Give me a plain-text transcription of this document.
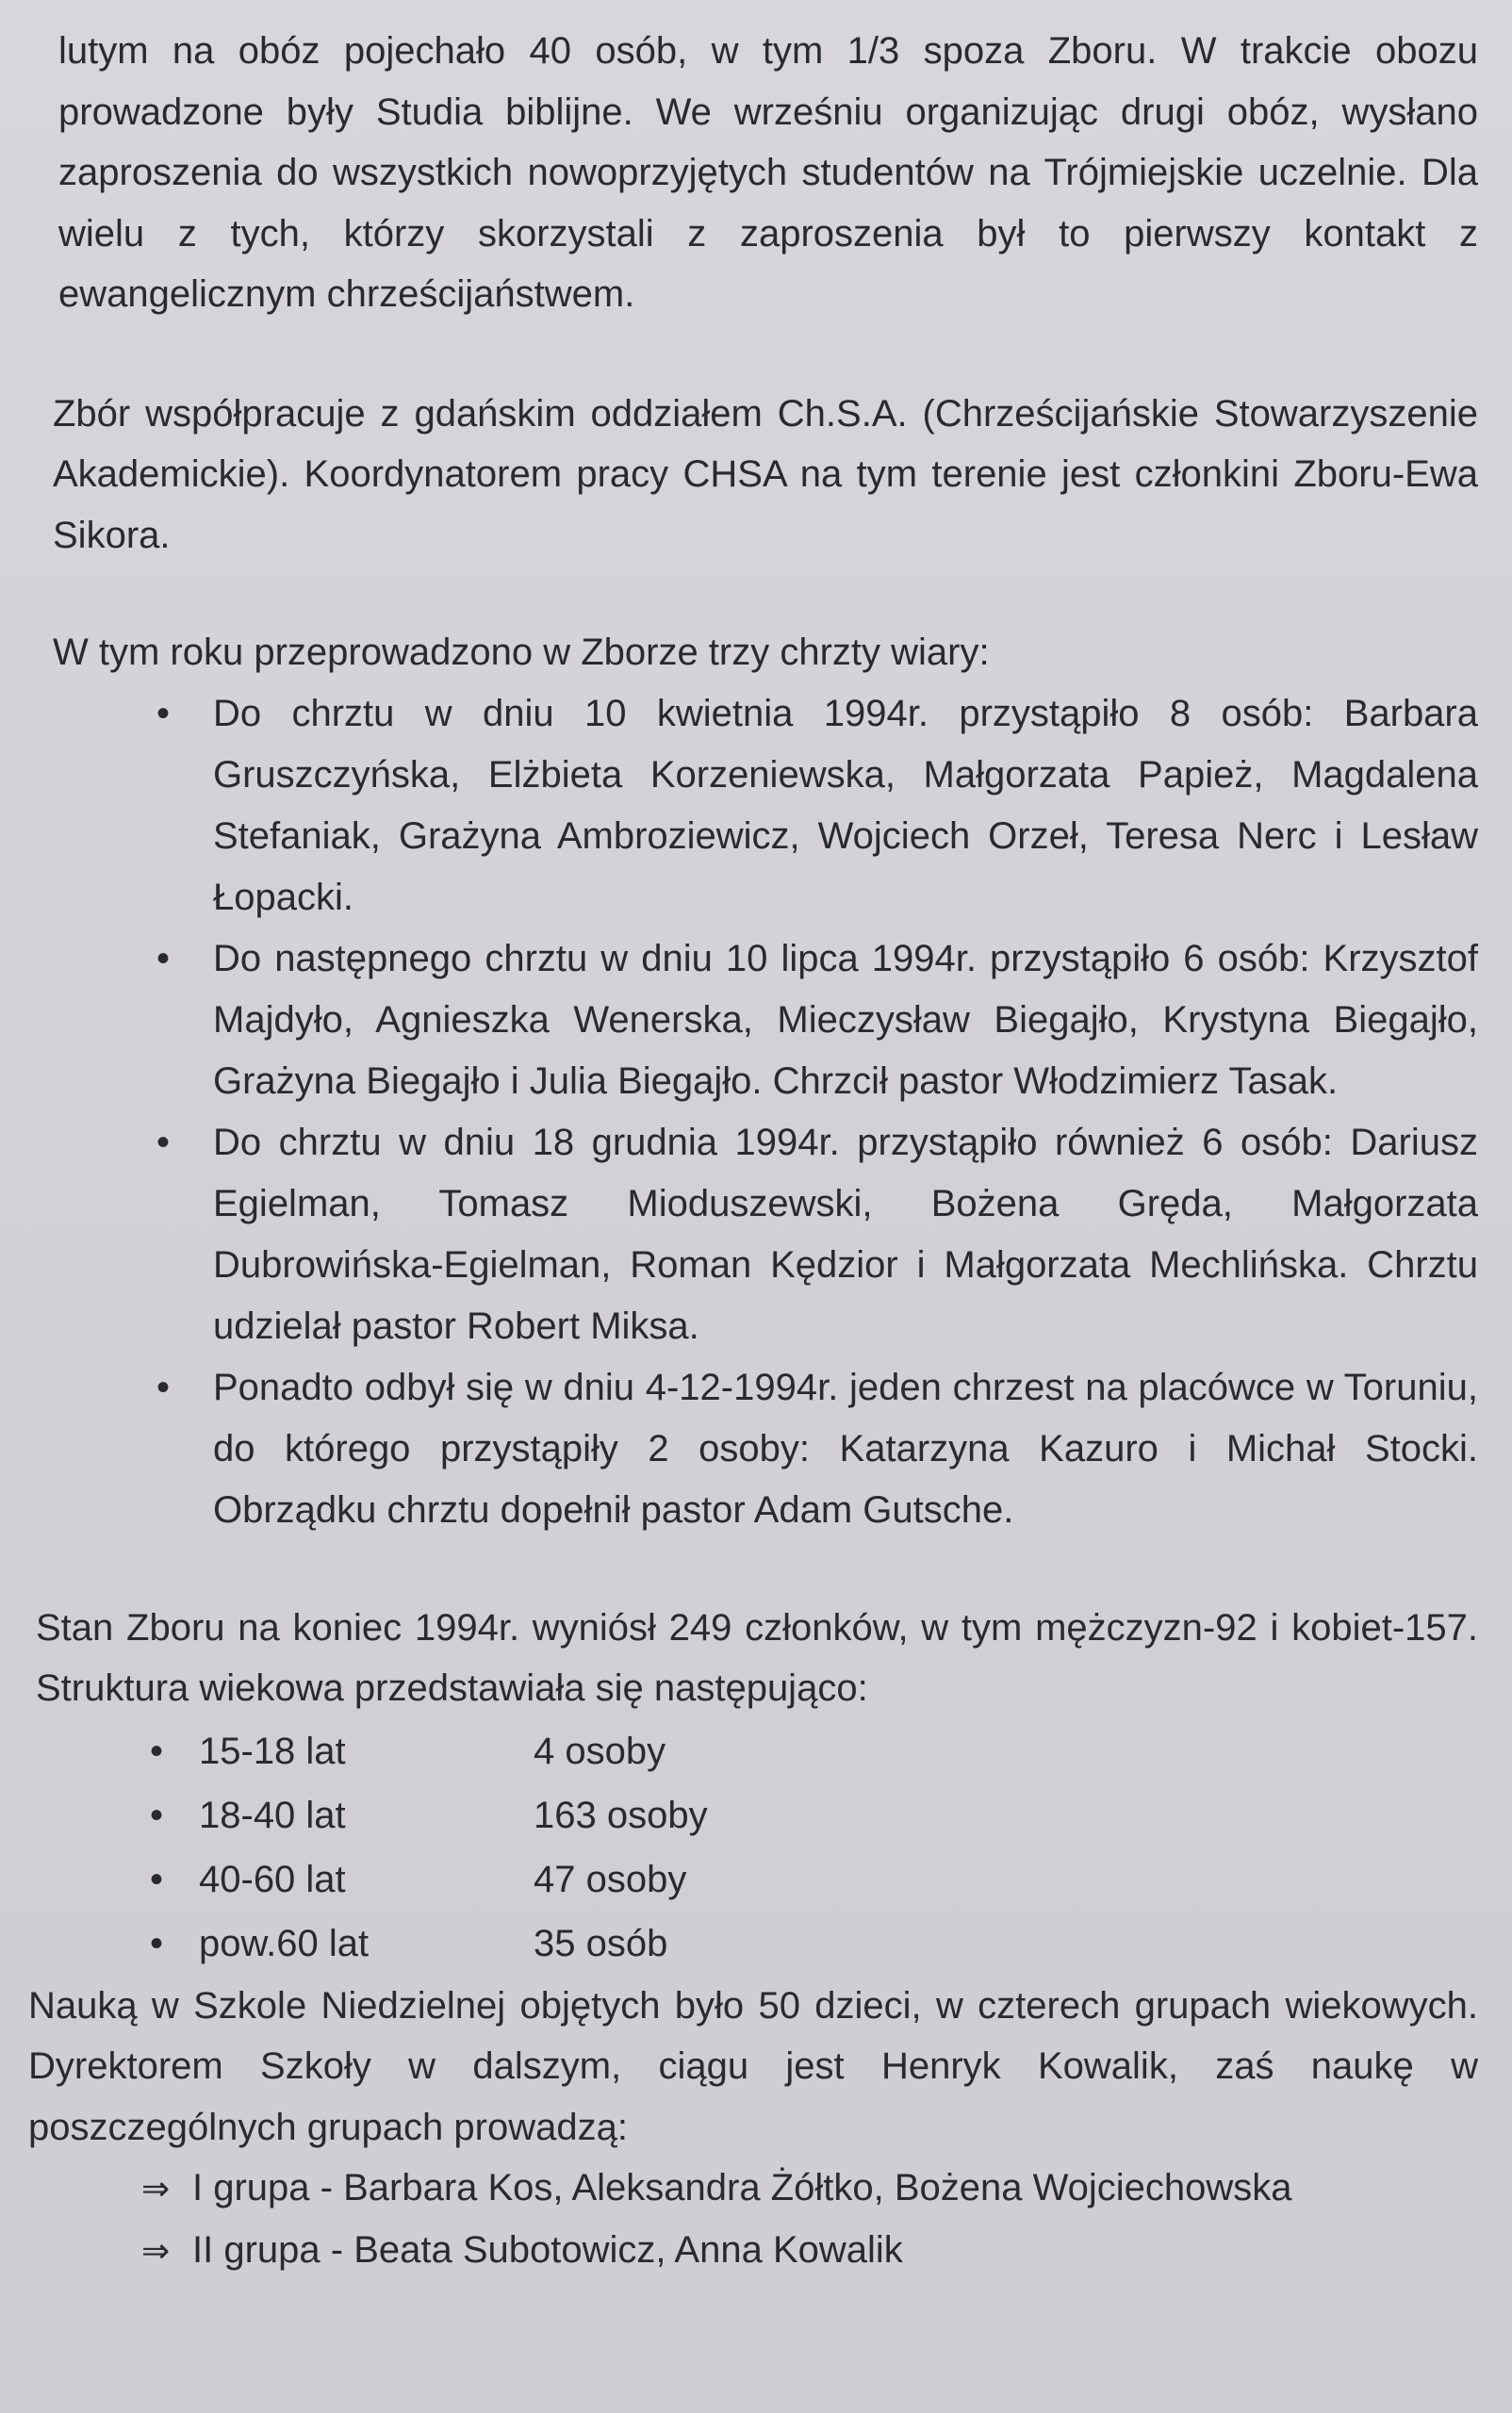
lutym na obóz pojechało 40 osób, w tym 1/3 spoza Zboru. W trakcie obozu prowadzone były Studia biblijne. We wrześniu organizując drugi obóz, wysłano zaproszenia do wszystkich nowoprzyjętych studentów na Trójmiejskie uczelnie. Dla wielu z tych, którzy skorzystali z zaproszenia był to pierwszy kontakt z ewangelicznym chrześcijaństwem.

Zbór współpracuje z gdańskim oddziałem Ch.S.A. (Chrześcijańskie Stowarzyszenie Akademickie). Koordynatorem pracy CHSA na tym terenie jest członkini Zboru-Ewa Sikora.

W tym roku przeprowadzono w Zborze trzy chrzty wiary:

• Do chrztu w dniu 10 kwietnia 1994r. przystąpiło 8 osób: Barbara Gruszczyńska, Elżbieta Korzeniewska, Małgorzata Papież, Magdalena Stefaniak, Grażyna Ambroziewicz, Wojciech Orzeł, Teresa Nerc i Lesław Łopacki.
• Do następnego chrztu w dniu 10 lipca 1994r. przystąpiło 6 osób: Krzysztof Majdyło, Agnieszka Wenerska, Mieczysław Biegajło, Krystyna Biegajło, Grażyna Biegajło i Julia Biegajło. Chrzcił pastor Włodzimierz Tasak.
• Do chrztu w dniu 18 grudnia 1994r. przystąpiło również 6 osób: Dariusz Egielman, Tomasz Mioduszewski, Bożena Gręda, Małgorzata Dubrowińska-Egielman, Roman Kędzior i Małgorzata Mechlińska. Chrztu udzielał pastor Robert Miksa.
• Ponadto odbył się w dniu 4-12-1994r. jeden chrzest na placówce w Toruniu, do którego przystąpiły 2 osoby: Katarzyna Kazuro i Michał Stocki. Obrządku chrztu dopełnił pastor Adam Gutsche.

Stan Zboru na koniec 1994r. wyniósł 249 członków, w tym mężczyzn-92 i kobiet-157. Struktura wiekowa przedstawiała się następująco:

• 15-18 lat	4 osoby
• 18-40 lat	163 osoby
• 40-60 lat	47 osoby
• pow.60 lat	35 osób

Nauką w Szkole Niedzielnej objętych było 50 dzieci, w czterech grupach wiekowych. Dyrektorem Szkoły w dalszym, ciągu jest Henryk Kowalik, zaś naukę w poszczególnych grupach prowadzą:

⇒ I grupa - Barbara Kos, Aleksandra Żółtko, Bożena Wojciechowska
⇒ II grupa - Beata Subotowicz, Anna Kowalik
